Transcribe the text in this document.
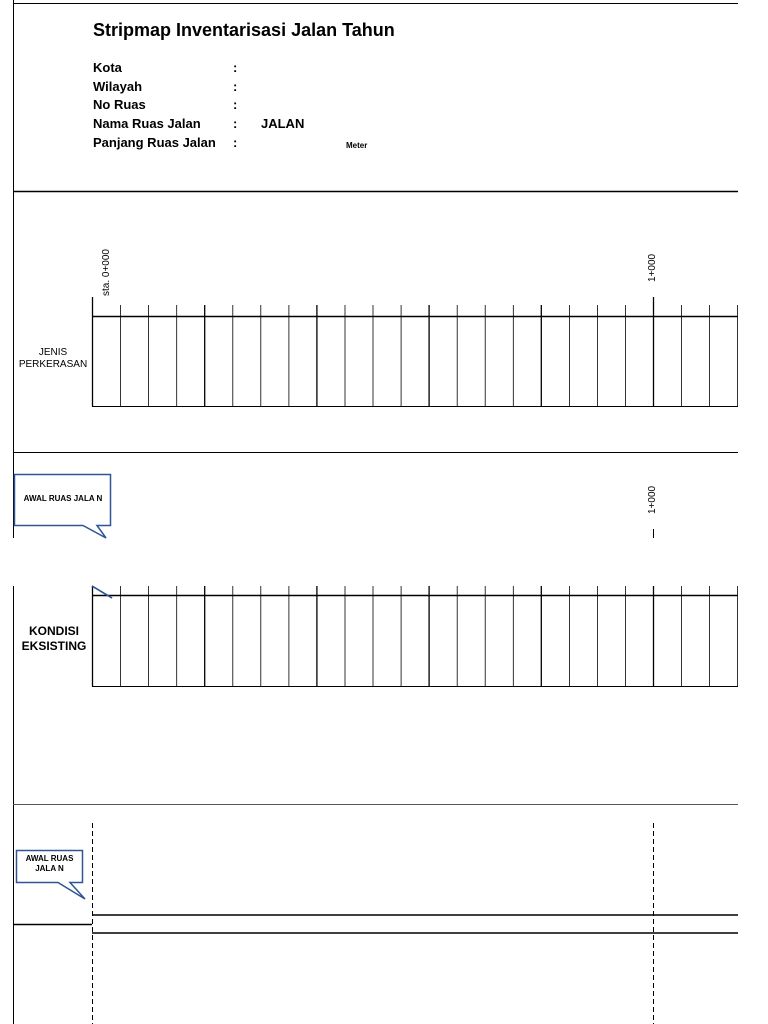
Stripmap Inventarisasi Jalan Tahun
Kota
Wilayah
No Ruas
Nama Ruas Jalan
Panjang Ruas Jalan
:
:
:
:
:
JALAN
Meter
sta. 0+000	1+000
1+000
JENIS
PERKERASAN
KONDISI
EKSISTING
AWAL RUAS JALA N
AWAL RUAS
JALA N
